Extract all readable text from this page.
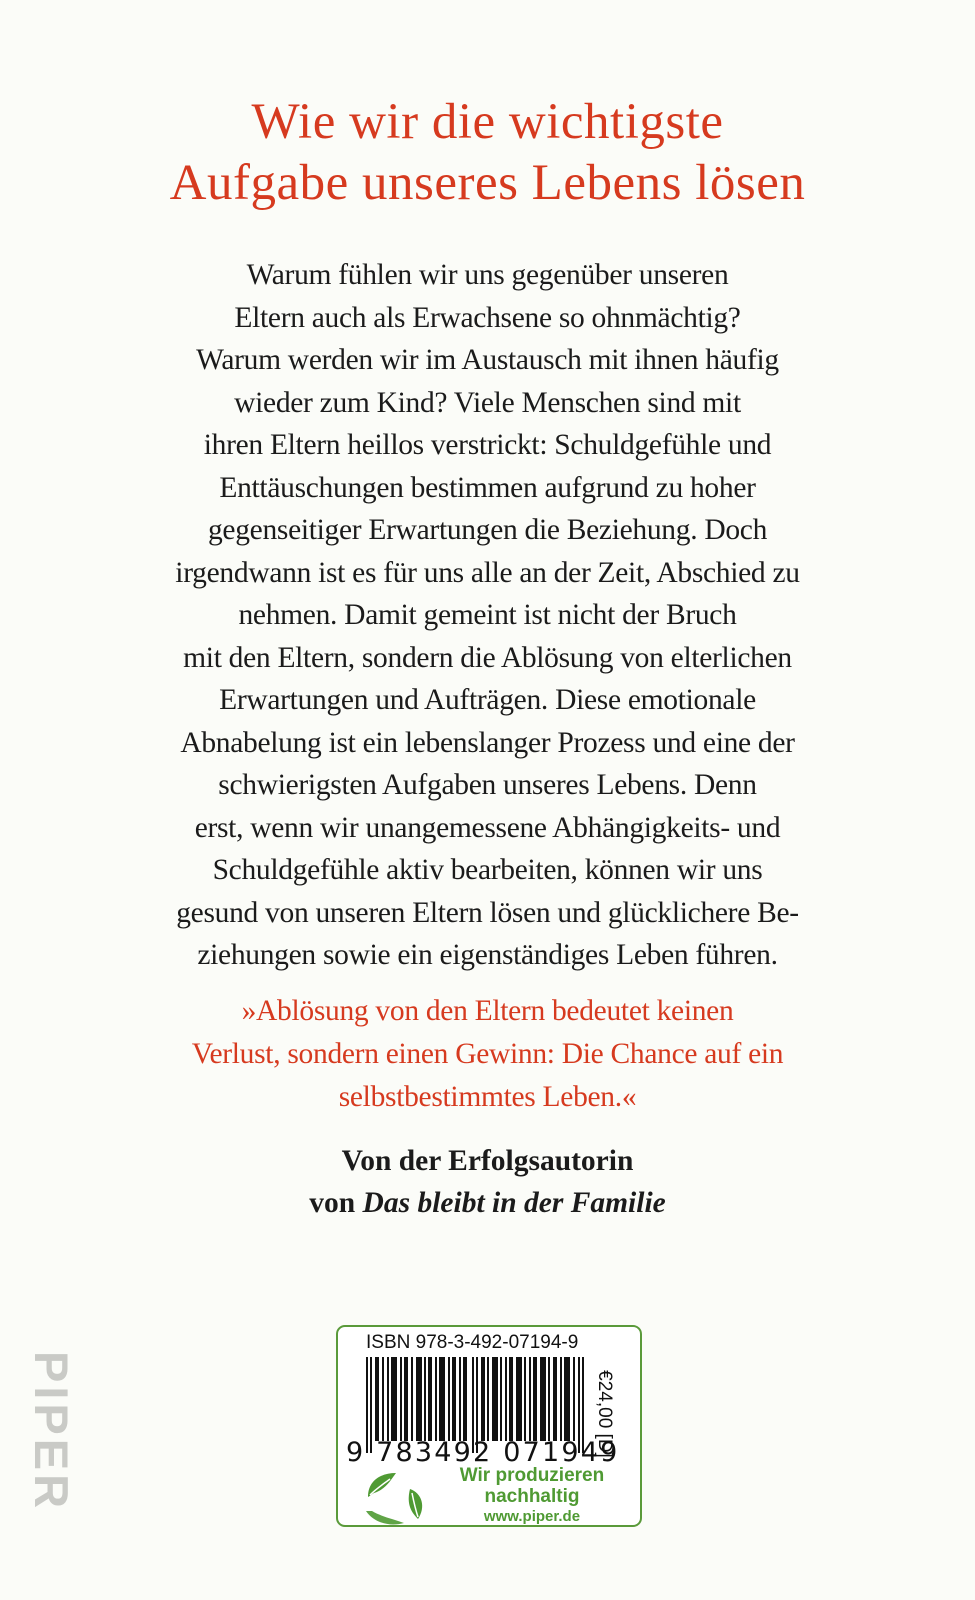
Wie wir die wichtigste
Aufgabe unseres Lebens lösen
Warum fühlen wir uns gegenüber unseren
Eltern auch als Erwachsene so ohnmächtig?
Warum werden wir im Austausch mit ihnen häufig
wieder zum Kind? Viele Menschen sind mit
ihren Eltern heillos verstrickt: Schuldgefühle und
Enttäuschungen bestimmen aufgrund zu hoher
gegenseitiger Erwartungen die Beziehung. Doch
irgendwann ist es für uns alle an der Zeit, Abschied zu
nehmen. Damit gemeint ist nicht der Bruch
mit den Eltern, sondern die Ablösung von elterlichen
Erwartungen und Aufträgen. Diese emotionale
Abnabelung ist ein lebenslanger Prozess und eine der
schwierigsten Aufgaben unseres Lebens. Denn
erst, wenn wir unangemessene Abhängigkeits- und
Schuldgefühle aktiv bearbeiten, können wir uns
gesund von unseren Eltern lösen und glücklichere Be-
ziehungen sowie ein eigenständiges Leben führen.
»Ablösung von den Eltern bedeutet keinen
Verlust, sondern einen Gewinn: Die Chance auf ein
selbstbestimmtes Leben.«
Von der Erfolgsautorin
von Das bleibt in der Familie
PIPER
ISBN 978-3-492-07194-9
9 783492 071949
€24,00 [D]
Wir produzieren
nachhaltig
www.piper.de
